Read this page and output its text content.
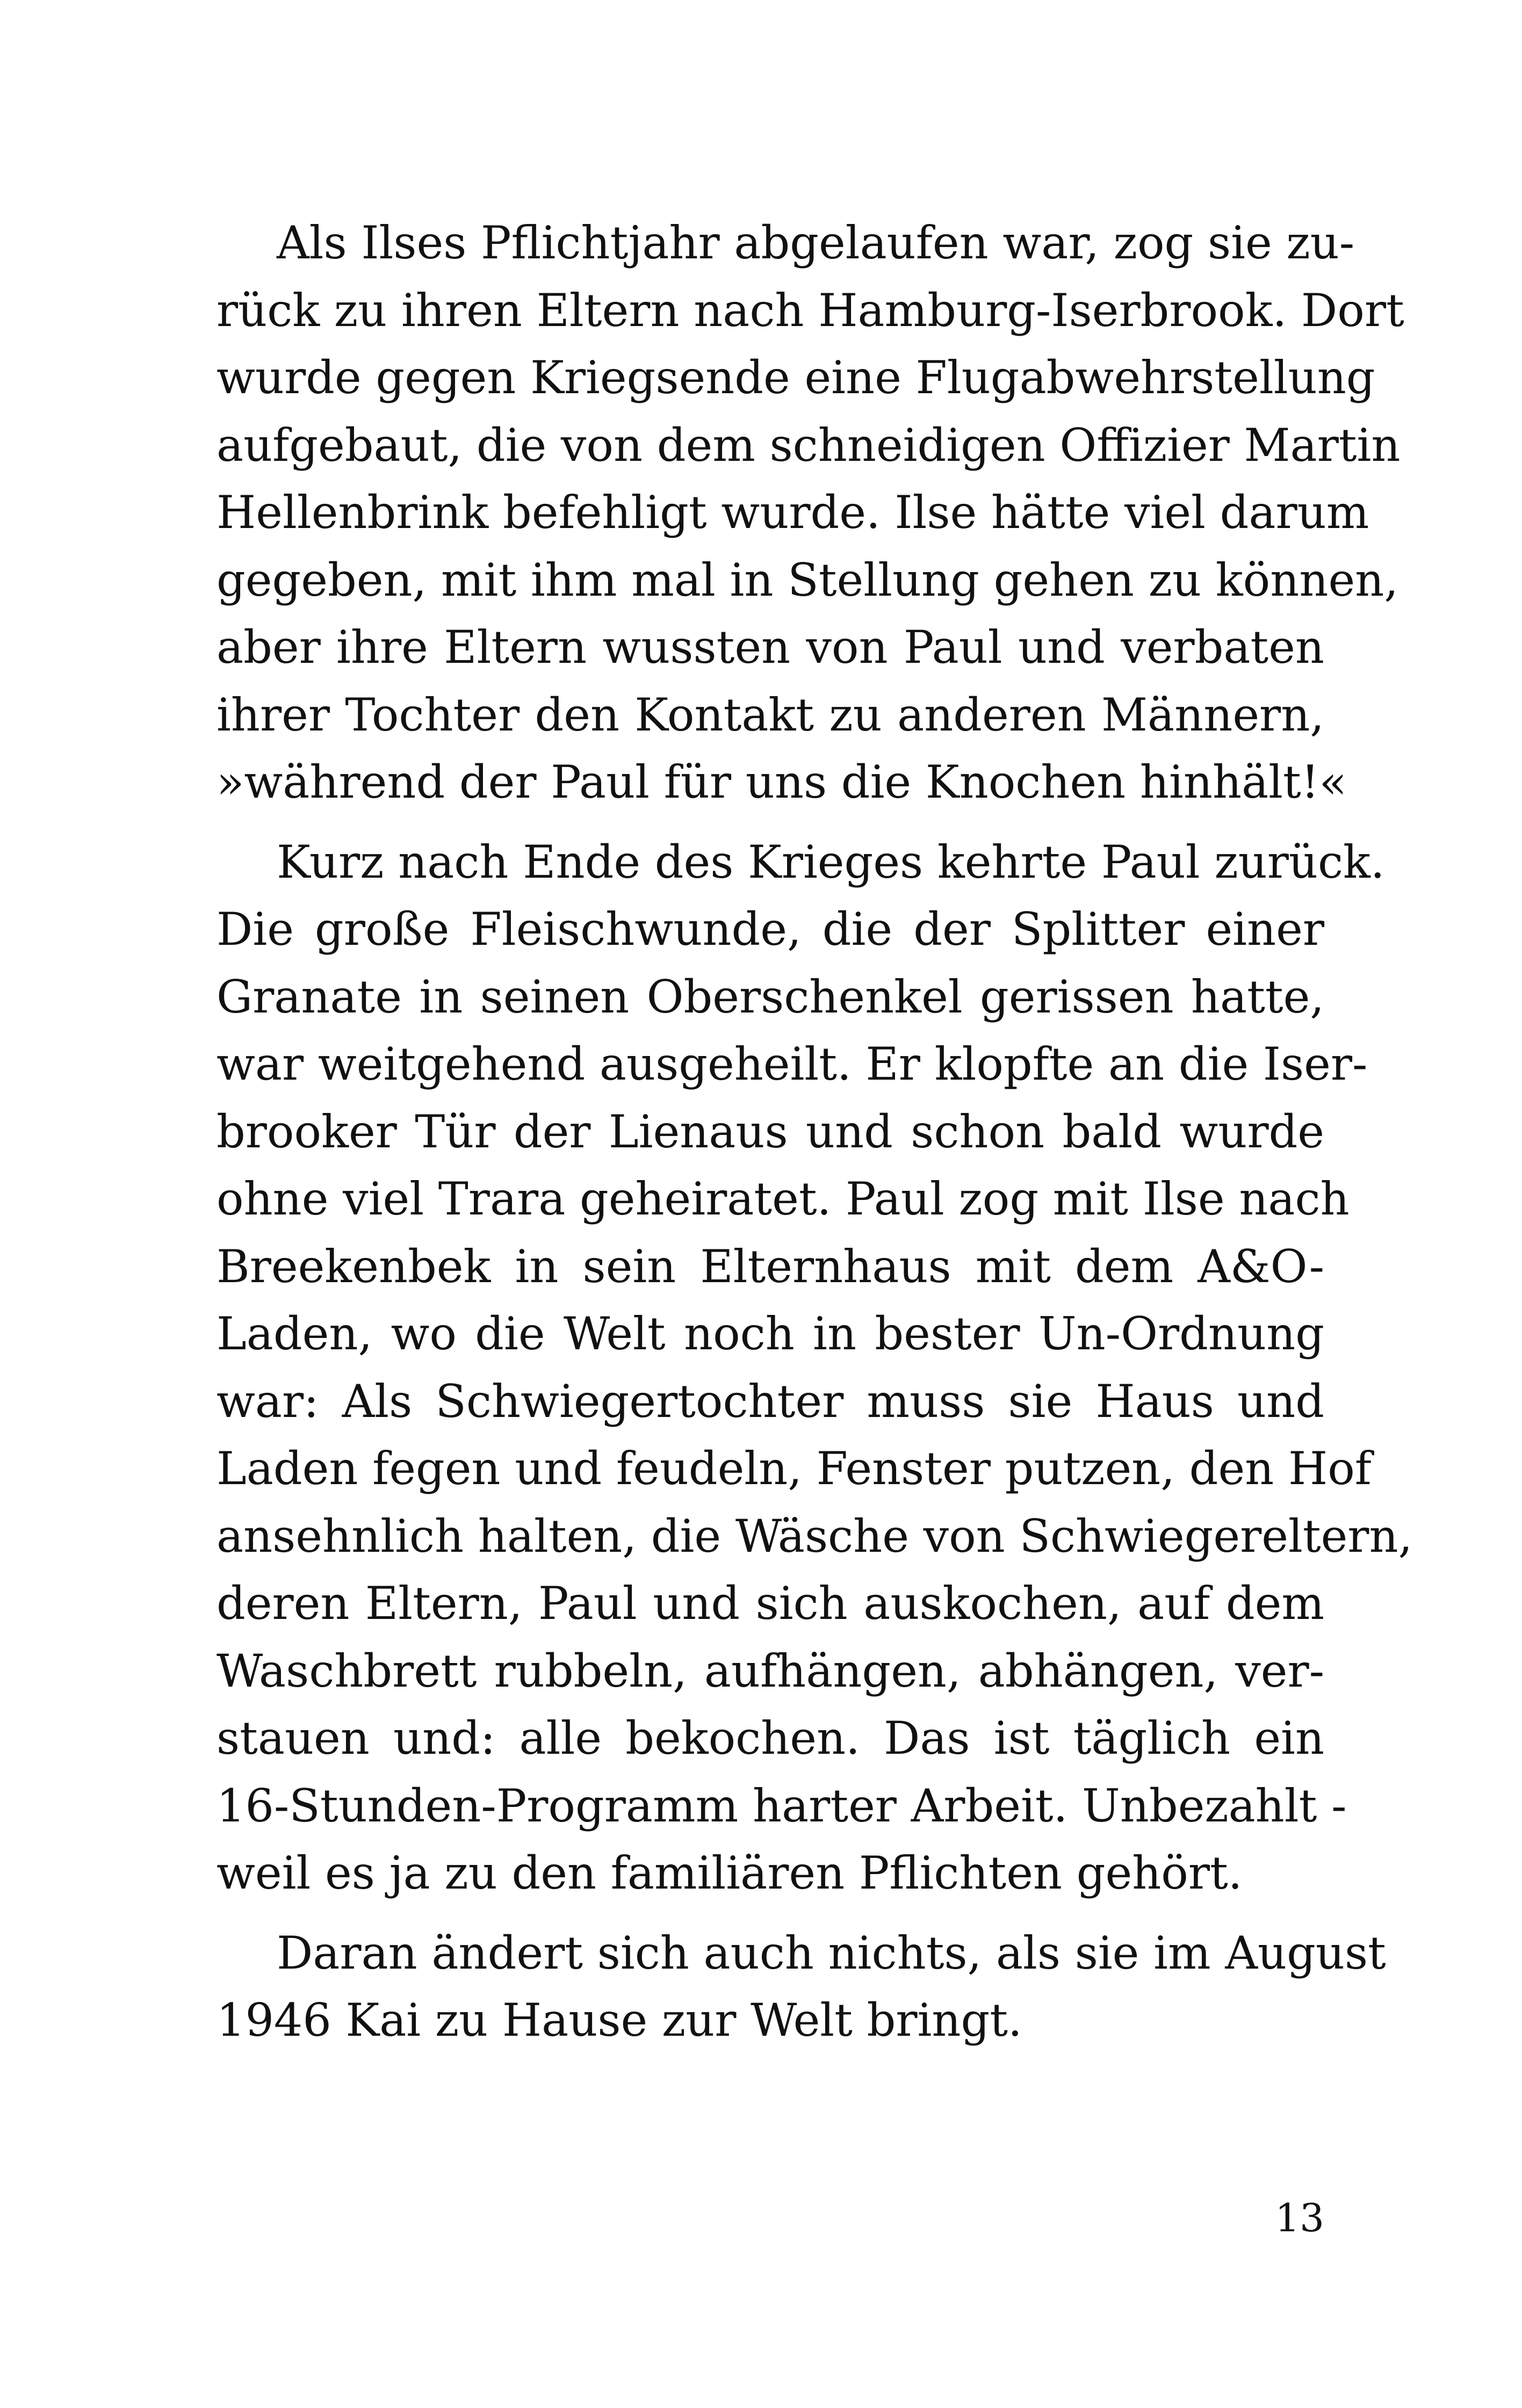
Als Ilses Pflichtjahr abgelaufen war, zog sie zu-
rück zu ihren Eltern nach Hamburg-Iserbrook. Dort
wurde gegen Kriegsende eine Flugabwehrstellung
aufgebaut, die von dem schneidigen Offizier Martin
Hellenbrink befehligt wurde. Ilse hätte viel darum
gegeben, mit ihm mal in Stellung gehen zu können,
aber ihre Eltern wussten von Paul und verbaten
ihrer Tochter den Kontakt zu anderen Männern,
»während der Paul für uns die Knochen hinhält!«

Kurz nach Ende des Krieges kehrte Paul zurück.
Die große Fleischwunde, die der Splitter einer
Granate in seinen Oberschenkel gerissen hatte,
war weitgehend ausgeheilt. Er klopfte an die Iser-
brooker Tür der Lienaus und schon bald wurde
ohne viel Trara geheiratet. Paul zog mit Ilse nach
Breekenbek in sein Elternhaus mit dem A&O-
Laden, wo die Welt noch in bester Un-Ordnung
war: Als Schwiegertochter muss sie Haus und
Laden fegen und feudeln, Fenster putzen, den Hof
ansehnlich halten, die Wäsche von Schwiegereltern,
deren Eltern, Paul und sich auskochen, auf dem
Waschbrett rubbeln, aufhängen, abhängen, ver-
stauen und: alle bekochen. Das ist täglich ein
16-Stunden-Programm harter Arbeit. Unbezahlt -
weil es ja zu den familiären Pflichten gehört.

Daran ändert sich auch nichts, als sie im August
1946 Kai zu Hause zur Welt bringt.

13
